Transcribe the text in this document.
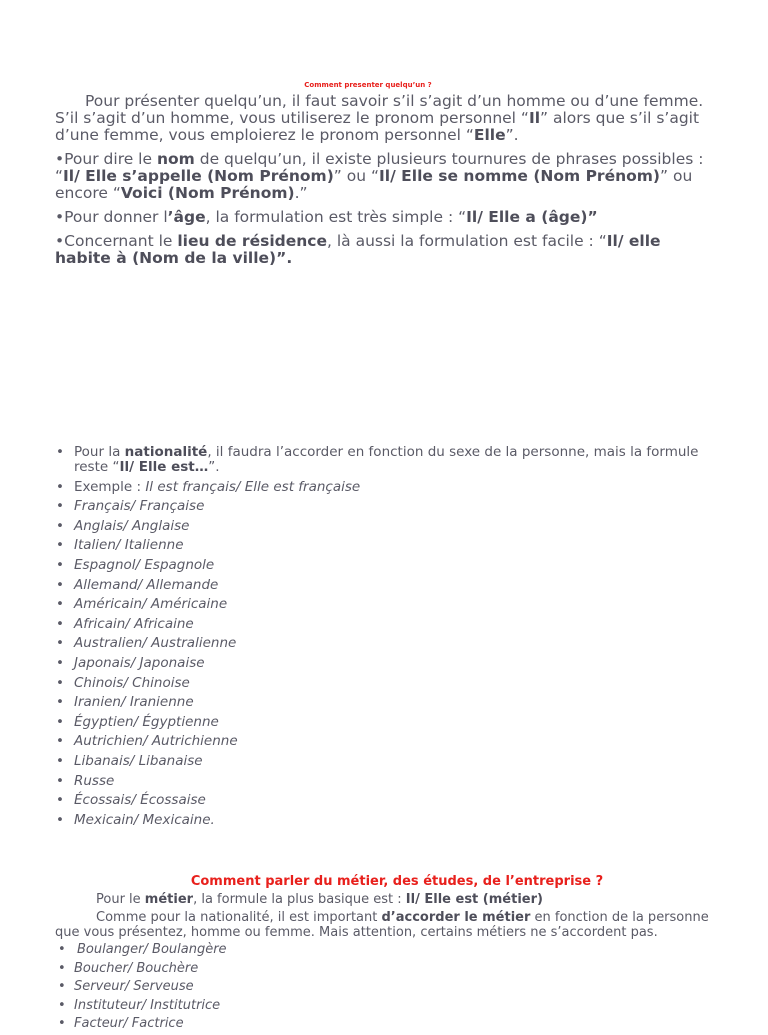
Comment presenter quelqu’un ?

Pour présenter quelqu’un, il faut savoir s’il s’agit d’un homme ou d’une femme. S’il s’agit d’un homme, vous utiliserez le pronom personnel “Il” alors que s’il s’agit d’une femme, vous emploierez le pronom personnel “Elle”.

•Pour dire le nom de quelqu’un, il existe plusieurs tournures de phrases possibles : “Il/ Elle s’appelle (Nom Prénom)” ou “Il/ Elle se nomme (Nom Prénom)” ou encore “Voici (Nom Prénom).”

•Pour donner l’âge, la formulation est très simple : “Il/ Elle a (âge)”

•Concernant le lieu de résidence, là aussi la formulation est facile : “Il/ elle habite à (Nom de la ville)”.

• Pour la nationalité, il faudra l’accorder en fonction du sexe de la personne, mais la formule reste “Il/ Elle est…”.
• Exemple : Il est français/ Elle est française
• Français/ Française
• Anglais/ Anglaise
• Italien/ Italienne
• Espagnol/ Espagnole
• Allemand/ Allemande
• Américain/ Américaine
• Africain/ Africaine
• Australien/ Australienne
• Japonais/ Japonaise
• Chinois/ Chinoise
• Iranien/ Iranienne
• Égyptien/ Égyptienne
• Autrichien/ Autrichienne
• Libanais/ Libanaise
• Russe
• Écossais/ Écossaise
• Mexicain/ Mexicaine.
Comment parler du métier, des études, de l’entreprise ?

Pour le métier, la formule la plus basique est : Il/ Elle est (métier)

Comme pour la nationalité, il est important d’accorder le métier en fonction de la personne que vous présentez, homme ou femme. Mais attention, certains métiers ne s’accordent pas.

• Boulanger/ Boulangère
• Boucher/ Bouchère
• Serveur/ Serveuse
• Instituteur/ Institutrice
• Facteur/ Factrice
